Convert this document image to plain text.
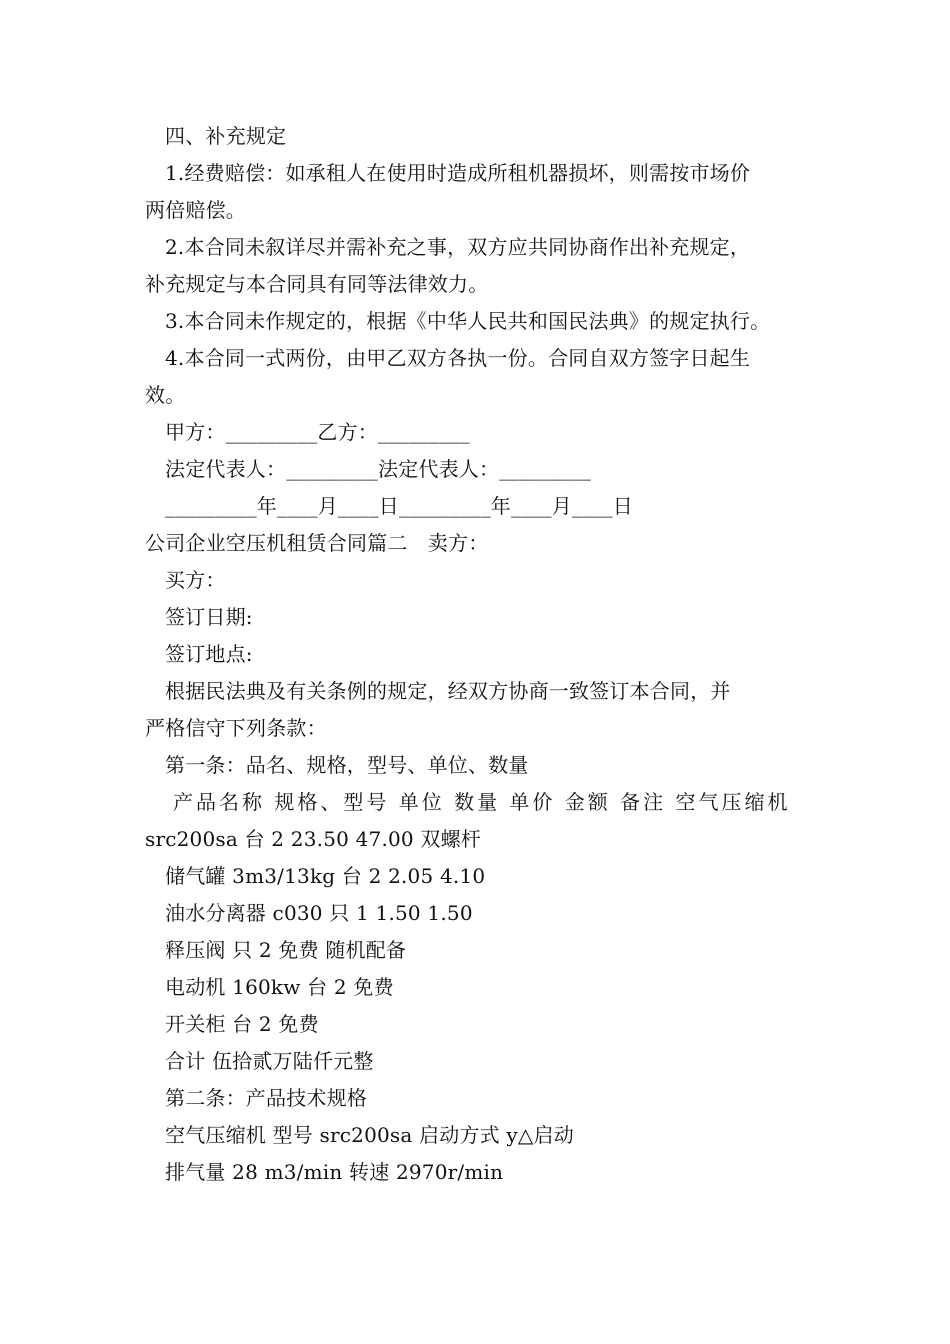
四、补充规定
1.经费赔偿：如承租人在使用时造成所租机器损坏，则需按市场价
两倍赔偿。
2.本合同未叙详尽并需补充之事，双方应共同协商作出补充规定，
补充规定与本合同具有同等法律效力。
3.本合同未作规定的，根据《中华人民共和国民法典》的规定执行。
4.本合同一式两份，由甲乙双方各执一份。合同自双方签字日起生
效。
甲方：_________乙方：_________
法定代表人：_________法定代表人：_________
_________年____月____日_________年____月____日
公司企业空压机租赁合同篇二　卖方：
买方：
签订日期:
签订地点:
根据民法典及有关条例的规定，经双方协商一致签订本合同，并
严格信守下列条款：
第一条：品名、规格，型号、单位、数量
产品名称 规格、型号 单位 数量 单价 金额 备注 空气压缩机
src200sa 台 2 23.50 47.00 双螺杆
储气罐 3m3/13kg 台 2 2.05 4.10
油水分离器 c030 只 1 1.50 1.50
释压阀 只 2 免费 随机配备
电动机 160kw 台 2 免费
开关柜 台 2 免费
合计 伍拾贰万陆仟元整
第二条：产品技术规格
空气压缩机 型号 src200sa 启动方式 y△启动
排气量 28 m3/min 转速 2970r/min
